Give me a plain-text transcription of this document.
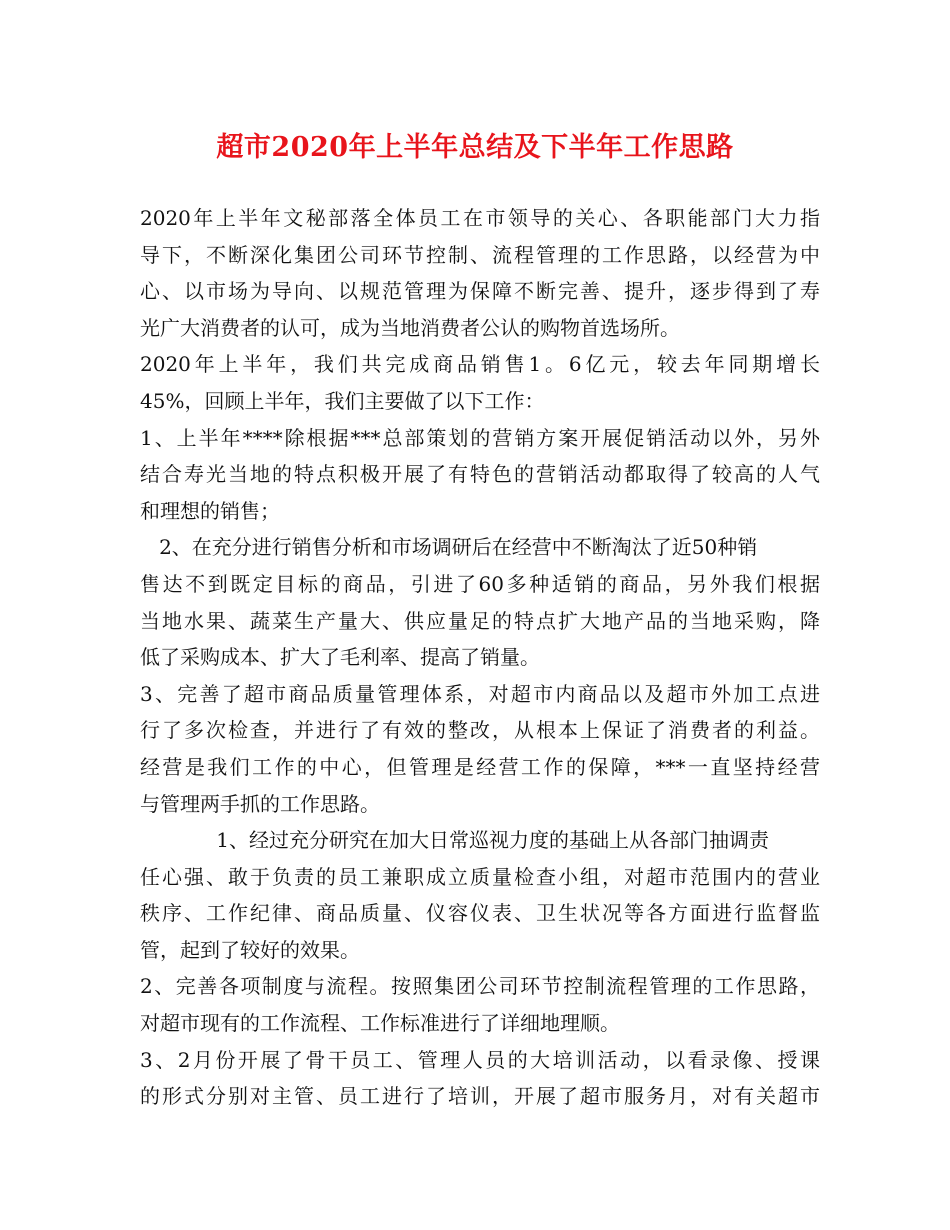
超市2020年上半年总结及下半年工作思路
2020年上半年文秘部落全体员工在市领导的关心、各职能部门大力指
导下，不断深化集团公司环节控制、流程管理的工作思路，以经营为中
心、以市场为导向、以规范管理为保障不断完善、提升，逐步得到了寿
光广大消费者的认可，成为当地消费者公认的购物首选场所。
2020年上半年，我们共完成商品销售1。6亿元，较去年同期增长
45%，回顾上半年，我们主要做了以下工作：
1、上半年****除根据***总部策划的营销方案开展促销活动以外，另外
结合寿光当地的特点积极开展了有特色的营销活动都取得了较高的人气
和理想的销售；
2、在充分进行销售分析和市场调研后在经营中不断淘汰了近50种销
售达不到既定目标的商品，引进了60多种适销的商品，另外我们根据
当地水果、蔬菜生产量大、供应量足的特点扩大地产品的当地采购，降
低了采购成本、扩大了毛利率、提高了销量。
3、完善了超市商品质量管理体系，对超市内商品以及超市外加工点进
行了多次检查，并进行了有效的整改，从根本上保证了消费者的利益。
经营是我们工作的中心，但管理是经营工作的保障，***一直坚持经营
与管理两手抓的工作思路。
1、经过充分研究在加大日常巡视力度的基础上从各部门抽调责
任心强、敢于负责的员工兼职成立质量检查小组，对超市范围内的营业
秩序、工作纪律、商品质量、仪容仪表、卫生状况等各方面进行监督监
管，起到了较好的效果。
2、完善各项制度与流程。按照集团公司环节控制流程管理的工作思路，
对超市现有的工作流程、工作标准进行了详细地理顺。
3、2月份开展了骨干员工、管理人员的大培训活动，以看录像、授课
的形式分别对主管、员工进行了培训，开展了超市服务月，对有关超市
